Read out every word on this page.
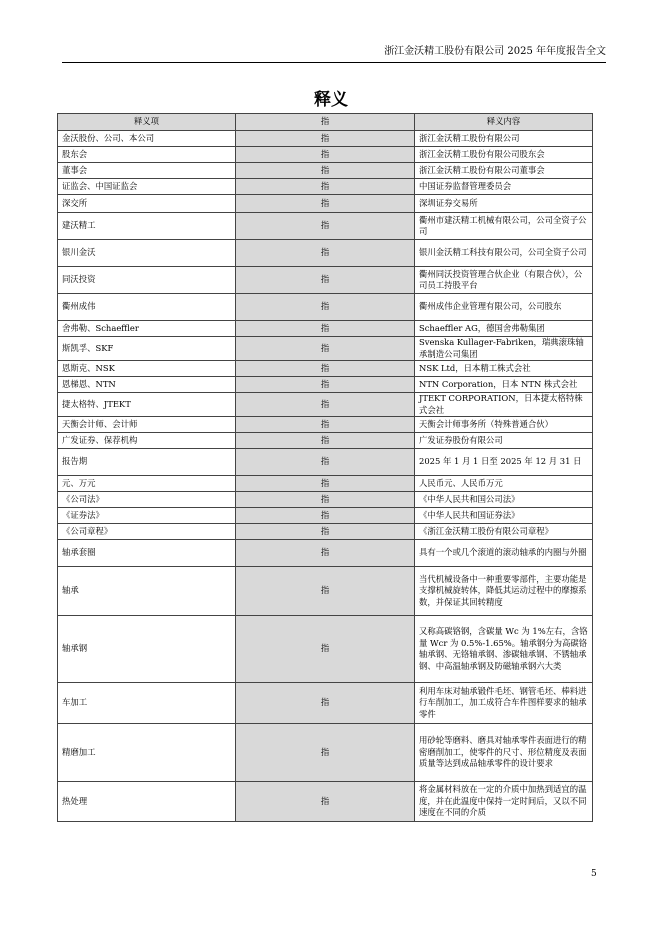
浙江金沃精工股份有限公司 2025 年年度报告全文
释义
释义项	指	释义内容
金沃股份、公司、本公司	指	浙江金沃精工股份有限公司
股东会	指	浙江金沃精工股份有限公司股东会
董事会	指	浙江金沃精工股份有限公司董事会
证监会、中国证监会	指	中国证券监督管理委员会
深交所	指	深圳证券交易所
建沃精工	指	衢州市建沃精工机械有限公司，公司全资子公司
银川金沃	指	银川金沃精工科技有限公司，公司全资子公司
同沃投资	指	衢州同沃投资管理合伙企业（有限合伙），公司员工持股平台
衢州成伟	指	衢州成伟企业管理有限公司，公司股东
舍弗勒、Schaeffler	指	Schaeffler AG，德国舍弗勒集团
斯凯孚、SKF	指	Svenska Kullager-Fabriken，瑞典滚珠轴承制造公司集团
恩斯克、NSK	指	NSK Ltd，日本精工株式会社
恩梯恩、NTN	指	NTN Corporation，日本 NTN 株式会社
捷太格特、JTEKT	指	JTEKT CORPORATION，日本捷太格特株式会社
天衡会计师、会计师	指	天衡会计师事务所（特殊普通合伙）
广发证券、保荐机构	指	广发证券股份有限公司
报告期	指	2025 年 1 月 1 日至 2025 年 12 月 31 日
元、万元	指	人民币元、人民币万元
《公司法》	指	《中华人民共和国公司法》
《证券法》	指	《中华人民共和国证券法》
《公司章程》	指	《浙江金沃精工股份有限公司章程》
轴承套圈	指	具有一个或几个滚道的滚动轴承的内圈与外圈
轴承	指	当代机械设备中一种重要零部件，主要功能是支撑机械旋转体，降低其运动过程中的摩擦系数，并保证其回转精度
轴承钢	指	又称高碳铬钢，含碳量 Wc 为 1%左右，含铬量 Wcr 为 0.5%-1.65%。轴承钢分为高碳铬轴承钢、无铬轴承钢、渗碳轴承钢、不锈轴承钢、中高温轴承钢及防磁轴承钢六大类
车加工	指	利用车床对轴承锻件毛坯、钢管毛坯、棒料进行车削加工，加工成符合车件图样要求的轴承零件
精磨加工	指	用砂轮等磨料、磨具对轴承零件表面进行的精密磨削加工，使零件的尺寸、形位精度及表面质量等达到成品轴承零件的设计要求
热处理	指	将金属材料放在一定的介质中加热到适宜的温度，并在此温度中保持一定时间后，又以不同速度在不同的介质
5
